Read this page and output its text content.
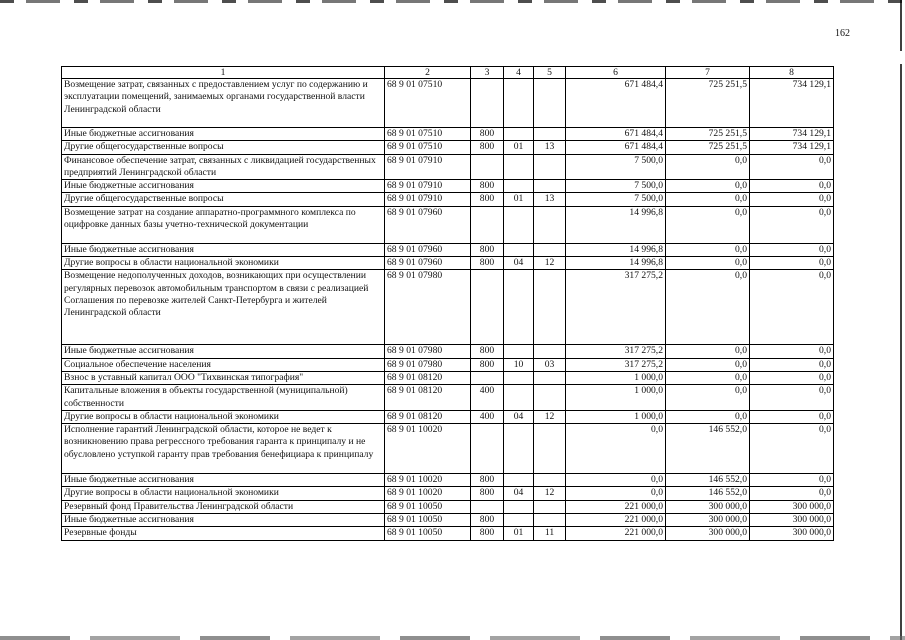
162
1	2	3	4	5	6	7	8
Возмещение затрат, связанных с предоставлением услуг по содержанию и эксплуатации помещений, занимаемых органами государственной власти Ленинградской области	68 9 01 07510				671 484,4	725 251,5	734 129,1
Иные бюджетные ассигнования	68 9 01 07510	800			671 484,4	725 251,5	734 129,1
Другие общегосударственные вопросы	68 9 01 07510	800	01	13	671 484,4	725 251,5	734 129,1
Финансовое обеспечение затрат, связанных с ликвидацией государственных предприятий Ленинградской области	68 9 01 07910				7 500,0	0,0	0,0
Иные бюджетные ассигнования	68 9 01 07910	800			7 500,0	0,0	0,0
Другие общегосударственные вопросы	68 9 01 07910	800	01	13	7 500,0	0,0	0,0
Возмещение затрат на создание аппаратно-программного комплекса по оцифровке данных базы учетно-технической документации	68 9 01 07960				14 996,8	0,0	0,0
Иные бюджетные ассигнования	68 9 01 07960	800			14 996,8	0,0	0,0
Другие вопросы в области национальной экономики	68 9 01 07960	800	04	12	14 996,8	0,0	0,0
Возмещение недополученных доходов, возникающих при осуществлении регулярных перевозок автомобильным транспортом в связи с реализацией Соглашения по перевозке жителей Санкт-Петербурга и жителей Ленинградской области	68 9 01 07980				317 275,2	0,0	0,0
Иные бюджетные ассигнования	68 9 01 07980	800			317 275,2	0,0	0,0
Социальное обеспечение населения	68 9 01 07980	800	10	03	317 275,2	0,0	0,0
Взнос в уставный капитал ООО "Тихвинская типография"	68 9 01 08120				1 000,0	0,0	0,0
Капитальные вложения в объекты государственной (муниципальной) собственности	68 9 01 08120	400			1 000,0	0,0	0,0
Другие вопросы в области национальной экономики	68 9 01 08120	400	04	12	1 000,0	0,0	0,0
Исполнение гарантий Ленинградской области, которое не ведет к возникновению права регрессного требования гаранта к принципалу и не обусловлено уступкой гаранту прав требования бенефициара к принципалу	68 9 01 10020				0,0	146 552,0	0,0
Иные бюджетные ассигнования	68 9 01 10020	800			0,0	146 552,0	0,0
Другие вопросы в области национальной экономики	68 9 01 10020	800	04	12	0,0	146 552,0	0,0
Резервный фонд Правительства Ленинградской области	68 9 01 10050				221 000,0	300 000,0	300 000,0
Иные бюджетные ассигнования	68 9 01 10050	800			221 000,0	300 000,0	300 000,0
Резервные фонды	68 9 01 10050	800	01	11	221 000,0	300 000,0	300 000,0
